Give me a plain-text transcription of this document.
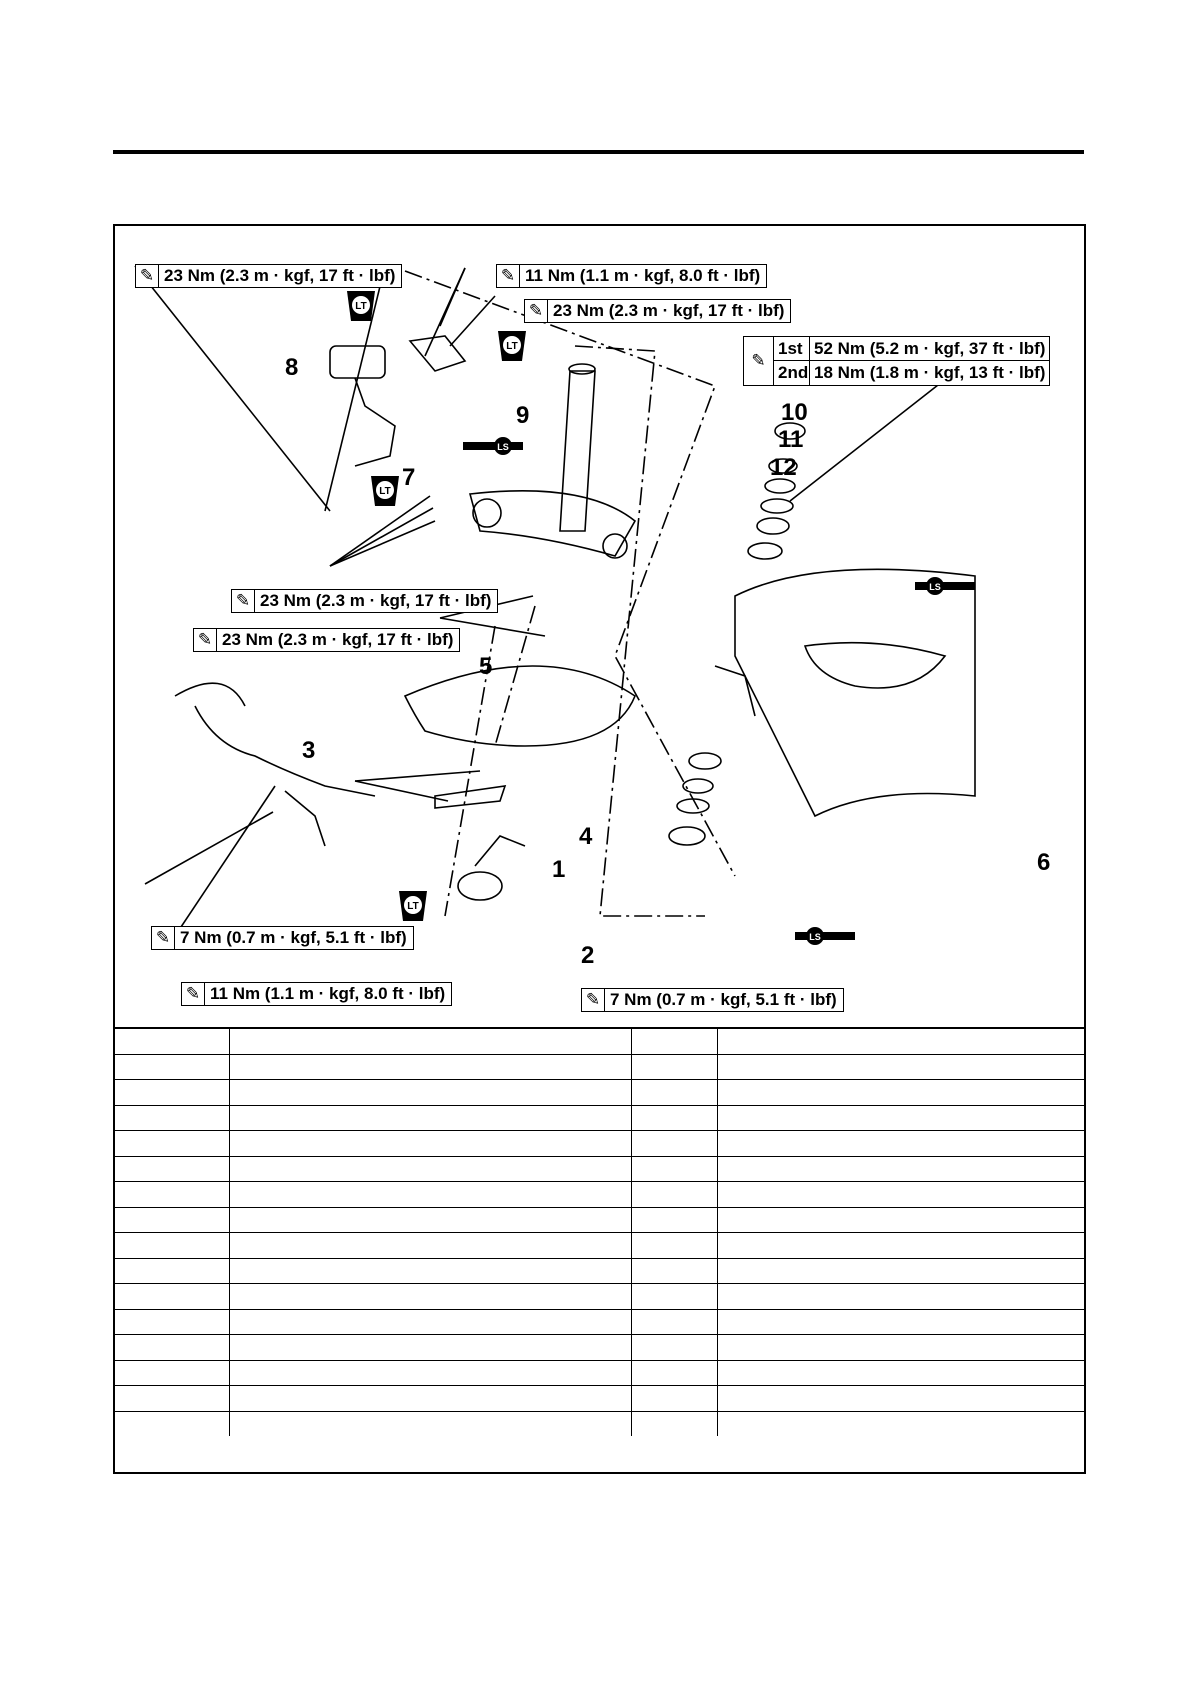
LT
LT
LT
LT
LS
LS
LS
✎ 23 Nm (2.3 m · kgf, 17 ft · lbf)	✎ 11 Nm (1.1 m · kgf, 8.0 ft · lbf)
✎ 23 Nm (2.3 m · kgf, 17 ft · lbf)
✎ 23 Nm (2.3 m · kgf, 17 ft · lbf)
✎ 23 Nm (2.3 m · kgf, 17 ft · lbf)
✎ 7 Nm (0.7 m · kgf, 5.1 ft · lbf)
✎ 11 Nm (1.1 m · kgf, 8.0 ft · lbf)	✎ 7 Nm (0.7 m · kgf, 5.1 ft · lbf)
✎
1st 52 Nm (5.2 m · kgf, 37 ft · lbf)
2nd 18 Nm (1.8 m · kgf, 13 ft · lbf)
1
2
3
4
5
6
7
8
9	10
11
12
